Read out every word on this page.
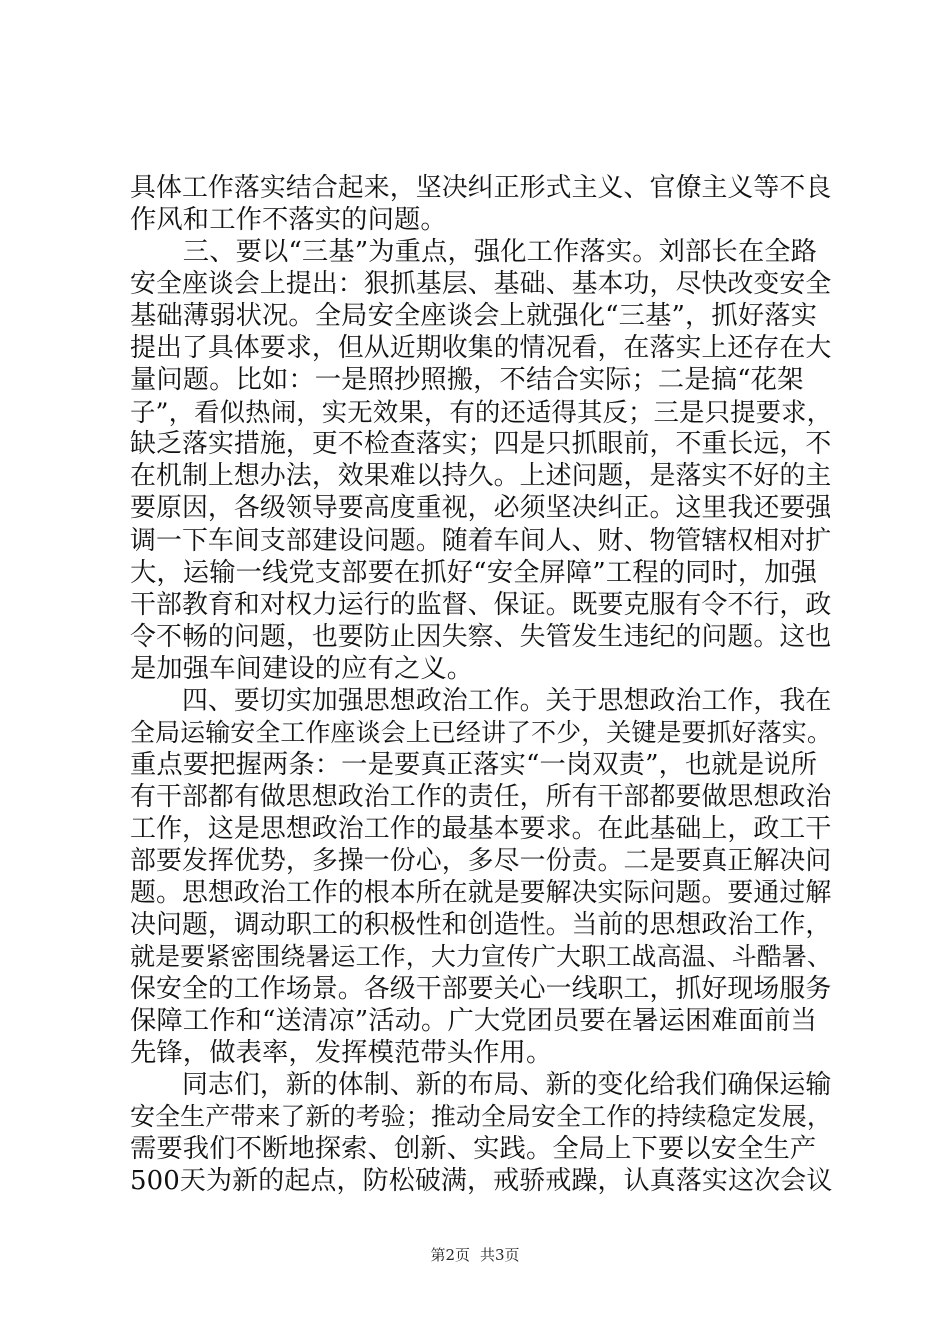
具体工作落实结合起来，坚决纠正形式主义、官僚主义等不良
作风和工作不落实的问题。
　　三、要以“三基”为重点，强化工作落实。刘部长在全路
安全座谈会上提出：狠抓基层、基础、基本功，尽快改变安全
基础薄弱状况。全局安全座谈会上就强化“三基”，抓好落实
提出了具体要求，但从近期收集的情况看，在落实上还存在大
量问题。比如：一是照抄照搬，不结合实际；二是搞“花架
子”，看似热闹，实无效果，有的还适得其反；三是只提要求，
缺乏落实措施，更不检查落实；四是只抓眼前，不重长远，不
在机制上想办法，效果难以持久。上述问题，是落实不好的主
要原因，各级领导要高度重视，必须坚决纠正。这里我还要强
调一下车间支部建设问题。随着车间人、财、物管辖权相对扩
大，运输一线党支部要在抓好“安全屏障”工程的同时，加强
干部教育和对权力运行的监督、保证。既要克服有令不行，政
令不畅的问题，也要防止因失察、失管发生违纪的问题。这也
是加强车间建设的应有之义。
　　四、要切实加强思想政治工作。关于思想政治工作，我在
全局运输安全工作座谈会上已经讲了不少，关键是要抓好落实。
重点要把握两条：一是要真正落实“一岗双责”，也就是说所
有干部都有做思想政治工作的责任，所有干部都要做思想政治
工作，这是思想政治工作的最基本要求。在此基础上，政工干
部要发挥优势，多操一份心，多尽一份责。二是要真正解决问
题。思想政治工作的根本所在就是要解决实际问题。要通过解
决问题，调动职工的积极性和创造性。当前的思想政治工作，
就是要紧密围绕暑运工作，大力宣传广大职工战高温、斗酷暑、
保安全的工作场景。各级干部要关心一线职工，抓好现场服务
保障工作和“送清凉”活动。广大党团员要在暑运困难面前当
先锋，做表率，发挥模范带头作用。
　　同志们，新的体制、新的布局、新的变化给我们确保运输
安全生产带来了新的考验；推动全局安全工作的持续稳定发展，
需要我们不断地探索、创新、实践。全局上下要以安全生产
500天为新的起点，防松破满，戒骄戒躁，认真落实这次会议
第2页 共3页
